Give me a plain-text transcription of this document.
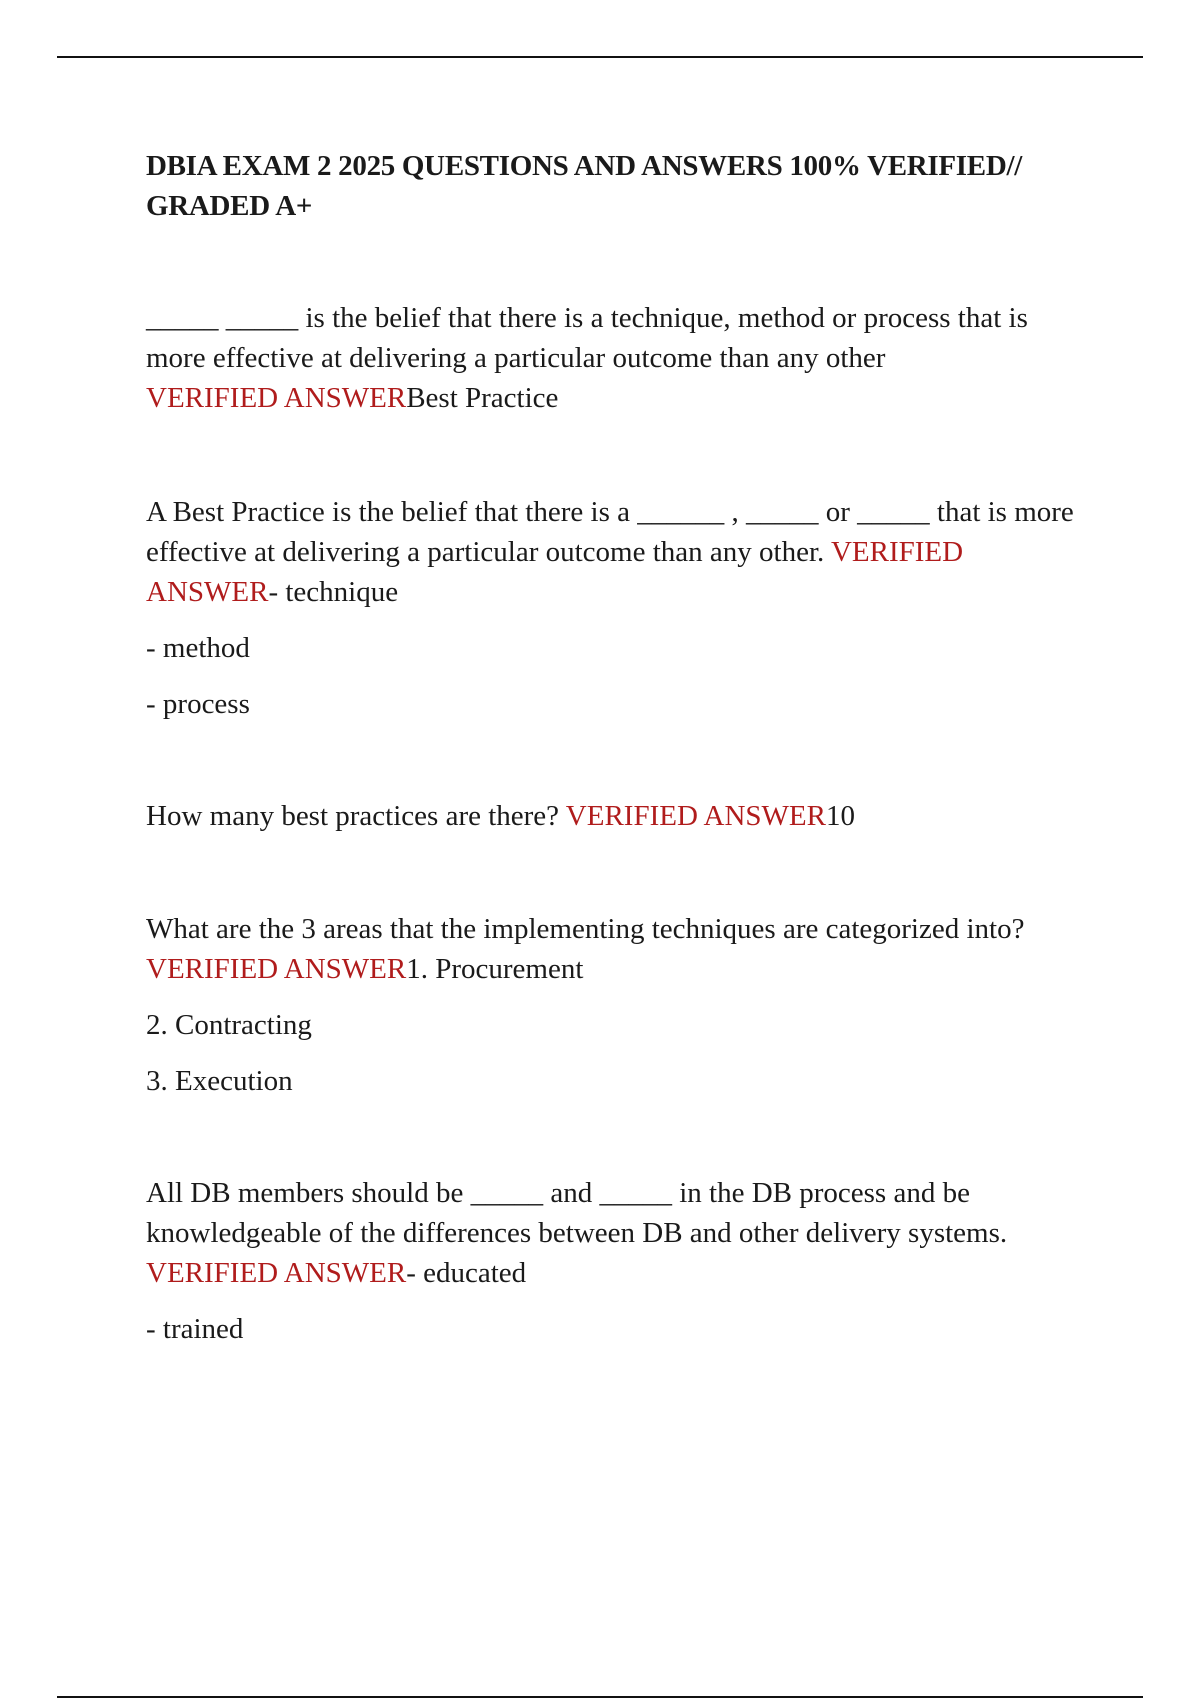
DBIA EXAM 2 2025 QUESTIONS AND ANSWERS 100% VERIFIED// GRADED A+

_____ _____ is the belief that there is a technique, method or process that is more effective at delivering a particular outcome than any other
VERIFIED ANSWERBest Practice

A Best Practice is the belief that there is a ______ , _____ or _____ that is more effective at delivering a particular outcome than any other. VERIFIED ANSWER- technique

- method

- process

How many best practices are there? VERIFIED ANSWER10

What are the 3 areas that the implementing techniques are categorized into? VERIFIED ANSWER1. Procurement

2. Contracting

3. Execution

All DB members should be _____ and _____ in the DB process and be knowledgeable of the differences between DB and other delivery systems. VERIFIED ANSWER- educated

- trained
